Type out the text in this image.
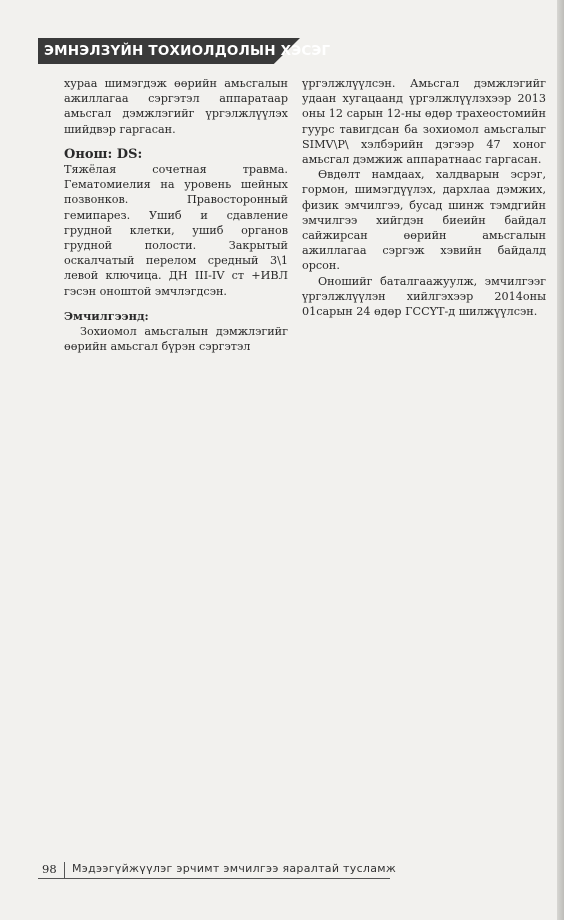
ЭМНЭЛЗҮЙН ТОХИОЛДОЛЫН ХЭСЭГ

хураа шимэгдэж өөрийн амьсгалын ажиллагаа сэргэтэл аппаратаар амьсгал дэмжлэгийг үргэлжлүүлэх шийдвэр гаргасан.

Онош: DS:

Тяжёлая сочетная травма. Гематомиелия на уровень шейных позвонков. Правосторонный гемипарез. Ушиб и сдавление грудной клетки, ушиб органов грудной полости. Закрытый оскалчатый перелом средный 3\1 левой ключица. ДН III-IV ст +ИВЛ гэсэн оноштой эмчлэгдсэн.

Эмчилгээнд:

Зохиомол амьсгалын дэмжлэгийг өөрийн амьсгал бүрэн сэргэтэл

үргэлжлүүлсэн. Амьсгал дэмжлэгийг удаан хугацаанд үргэлжлүүлэхээр 2013 оны 12 сарын 12-ны өдөр трахеостомийн гуурс тавигдсан ба зохиомол амьсгалыг SIMV\P\ хэлбэрийн дэгээр 47 хоног амьсгал дэмжиж аппаратнаас гаргасан.

Өвдөлт намдаах, халдварын эсрэг, гормон, шимэгдүүлэх, дархлаа дэмжих, физик эмчилгээ, бусад шинж тэмдгийн эмчилгээ хийгдэн биеийн байдал сайжирсан өөрийн амьсгалын ажиллагаа сэргэж хэвийн байдалд орсон.

Оношийг баталгаажуулж, эмчилгээг үргэлжлүүлэн хийлгэхээр 2014оны 01сарын 24 өдөр ГССҮТ-д шилжүүлсэн.

98 Мэдээгүйжүүлэг эрчимт эмчилгээ яаралтай тусламж
